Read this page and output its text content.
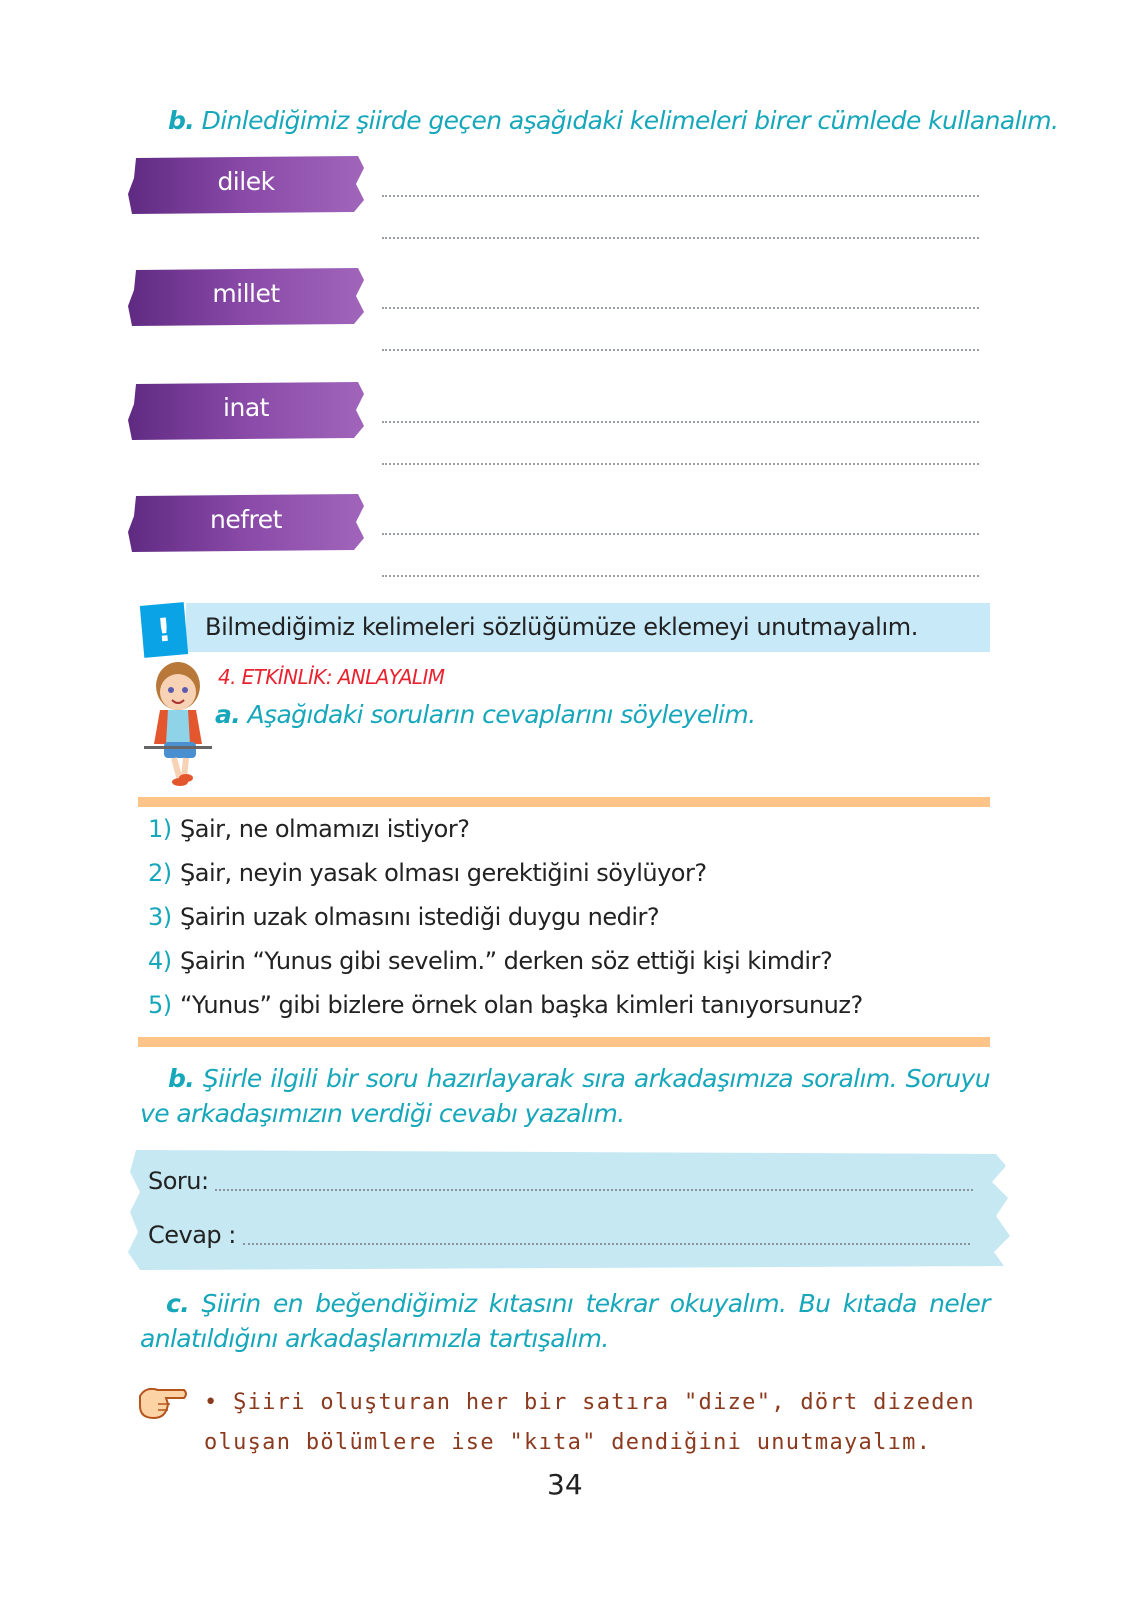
b. Dinlediğimiz şiirde geçen aşağıdaki kelimeleri birer cümlede kullanalım.
dilek
millet
inat
nefret
!	Bilmediğimiz kelimeleri sözlüğümüze eklemeyi unutmayalım.
4. ETKİNLİK: ANLAYALIM
a. Aşağıdaki soruların cevaplarını söyleyelim.
1) Şair, ne olmamızı istiyor?
2) Şair, neyin yasak olması gerektiğini söylüyor?
3) Şairin uzak olmasını istediği duygu nedir?
4) Şairin “Yunus gibi sevelim.” derken söz ettiği kişi kimdir?
5) “Yunus” gibi bizlere örnek olan başka kimleri tanıyorsunuz?
b. Şiirle ilgili bir soru hazırlayarak sıra arkadaşımıza soralım. Soruyu ve arkadaşımızın verdiği cevabı yazalım.
Soru:
Cevap :
c. Şiirin en beğendiğimiz kıtasını tekrar okuyalım. Bu kıtada neler anlatıldığını arkadaşlarımızla tartışalım.
• Şiiri oluşturan her bir satıra "dize", dört dizeden oluşan bölümlere ise "kıta" dendiğini unutmayalım.
34
